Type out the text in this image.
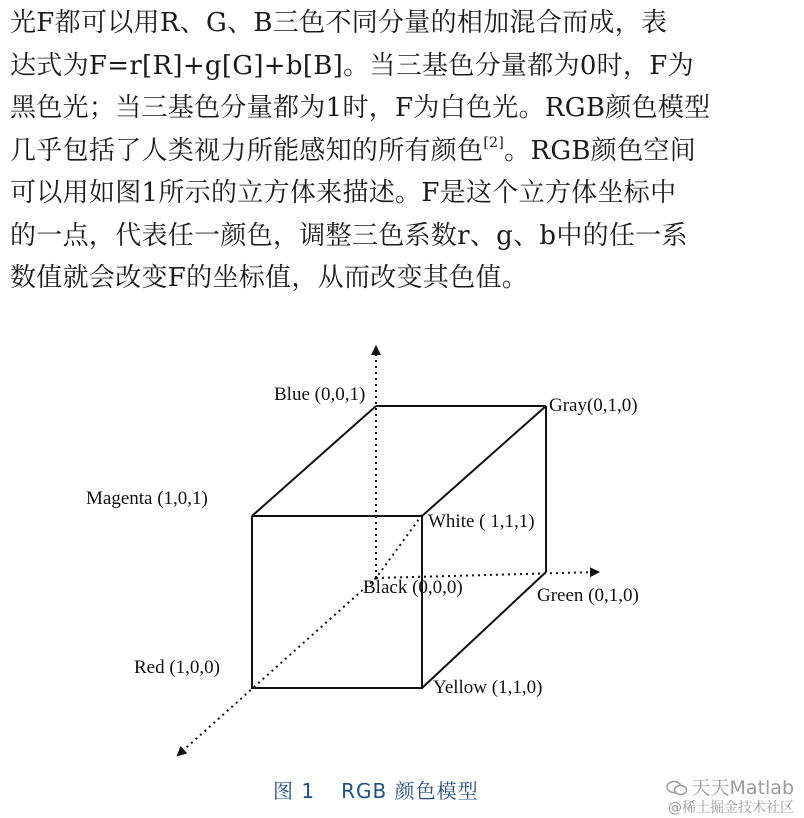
光F都可以用R、G、B三色不同分量的相加混合而成，表
达式为F=r[R]+g[G]+b[B]。当三基色分量都为0时，F为
黑色光；当三基色分量都为1时，F为白色光。RGB颜色模型
几乎包括了人类视力所能感知的所有颜色[2]。RGB颜色空间
可以用如图1所示的立方体来描述。F是这个立方体坐标中
的一点，代表任一颜色，调整三色系数r、g、b中的任一系
数值就会改变F的坐标值，从而改变其色值。
Blue (0,0,1)
Gray(0,1,0)
Magenta (1,0,1)
White ( 1,1,1)
Black (0,0,0)	Green (0,1,0)
Red (1,0,0)
Yellow (1,1,0)
图 1 RGB 颜色模型	天天Matlab
@稀土掘金技术社区
